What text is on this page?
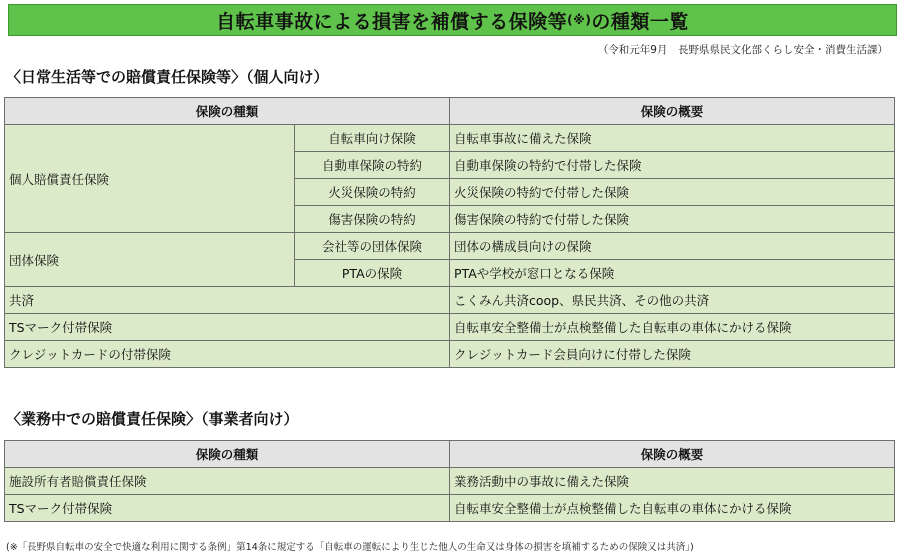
自転車事故による損害を補償する保険等 (※) の種類一覧
（令和元年9月　長野県県民文化部くらし安全・消費生活課）
〈日常生活等での賠償責任保険等〉（個人向け）
保険の種類		保険の概要
個人賠償責任保険	自転車向け保険	自転車事故に備えた保険
	自動車保険の特約	自動車保険の特約で付帯した保険
	火災保険の特約	火災保険の特約で付帯した保険
	傷害保険の特約	傷害保険の特約で付帯した保険
団体保険	会社等の団体保険	団体の構成員向けの保険
	PTAの保険	PTAや学校が窓口となる保険
共済		こくみん共済coop、県民共済、その他の共済
TSマーク付帯保険		自転車安全整備士が点検整備した自転車の車体にかける保険
クレジットカードの付帯保険		クレジットカード会員向けに付帯した保険
〈業務中での賠償責任保険〉（事業者向け）
保険の種類	保険の概要
施設所有者賠償責任保険	業務活動中の事故に備えた保険
TSマーク付帯保険	自転車安全整備士が点検整備した自転車の車体にかける保険
(※「長野県自転車の安全で快適な利用に関する条例」第14条に規定する「自転車の運転により生じた他人の生命又は身体の損害を填補するための保険又は共済」)
